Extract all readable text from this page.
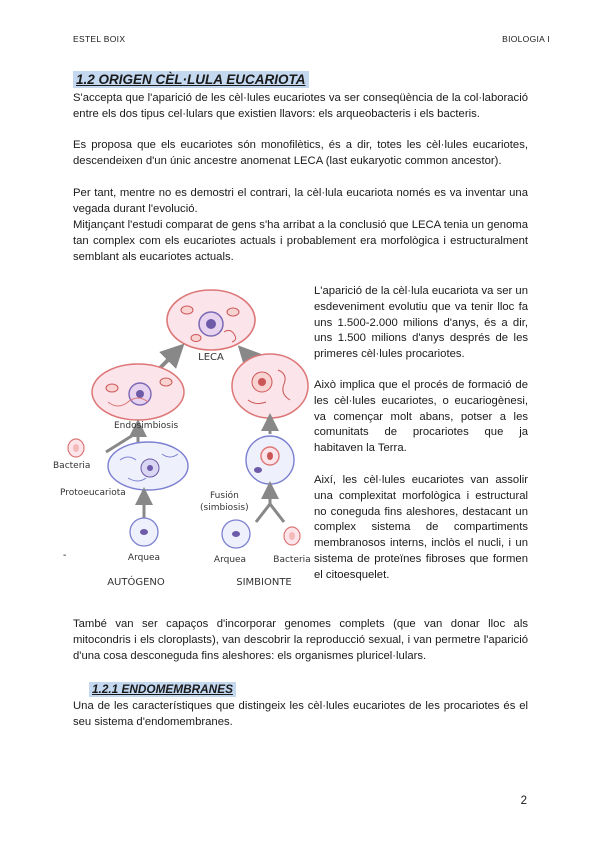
ESTEL BOIX	BIOLOGIA I
1.2 ORIGEN CÈL·LULA EUCARIOTA

S'accepta que l'aparició de les cèl·lules eucariotes va ser conseqüència de la col·laboració entre els dos tipus cel·lulars que existien llavors: els arqueobacteris i els bacteris.

Es proposa que els eucariotes són monofilètics, és a dir, totes les cèl·lules eucariotes, descendeixen d'un únic ancestre anomenat LECA (last eukaryotic common ancestor).

Per tant, mentre no es demostri el contrari, la cèl·lula eucariota només es va inventar una vegada durant l'evolució.

Mitjançant l'estudi comparat de gens s'ha arribat a la conclusió que LECA tenia un genoma tan complex com els eucariotes actuals i probablement era morfològica i estructuralment semblant als eucariotes actuals.

L'aparició de la cèl·lula eucariota va ser un esdeveniment evolutiu que va tenir lloc fa uns 1.500-2.000 milions d'anys, és a dir, uns 1.500 milions d'anys després de les primeres cèl·lules procariotes.

Això implica que el procés de formació de les cèl·lules eucariotes, o eucariogènesi, va començar molt abans, potser a les comunitats de procariotes que ja habitaven la Terra.

Així, les cèl·lules eucariotes van assolir una complexitat morfològica i estructural no coneguda fins aleshores, destacant un complex sistema de compartiments membranosos interns, inclòs el nucli, i un sistema de proteïnes fibroses que formen el citoesquelet.

-
LECA
Endosimbiosis
Bacteria
Protoeucariota
Arquea
AUTÓGENO
Fusión
(simbiosis)
Arquea	Bacteria
SIMBIONTE

També van ser capaços d'incorporar genomes complets (que van donar lloc als mitocondris i els cloroplasts), van descobrir la reproducció sexual, i van permetre l'aparició d'una cosa desconeguda fins aleshores: els organismes pluricel·lulars.

1.2.1 ENDOMEMBRANES

Una de les característiques que distingeix les cèl·lules eucariotes de les procariotes és el seu sistema d'endomembranes.

2
